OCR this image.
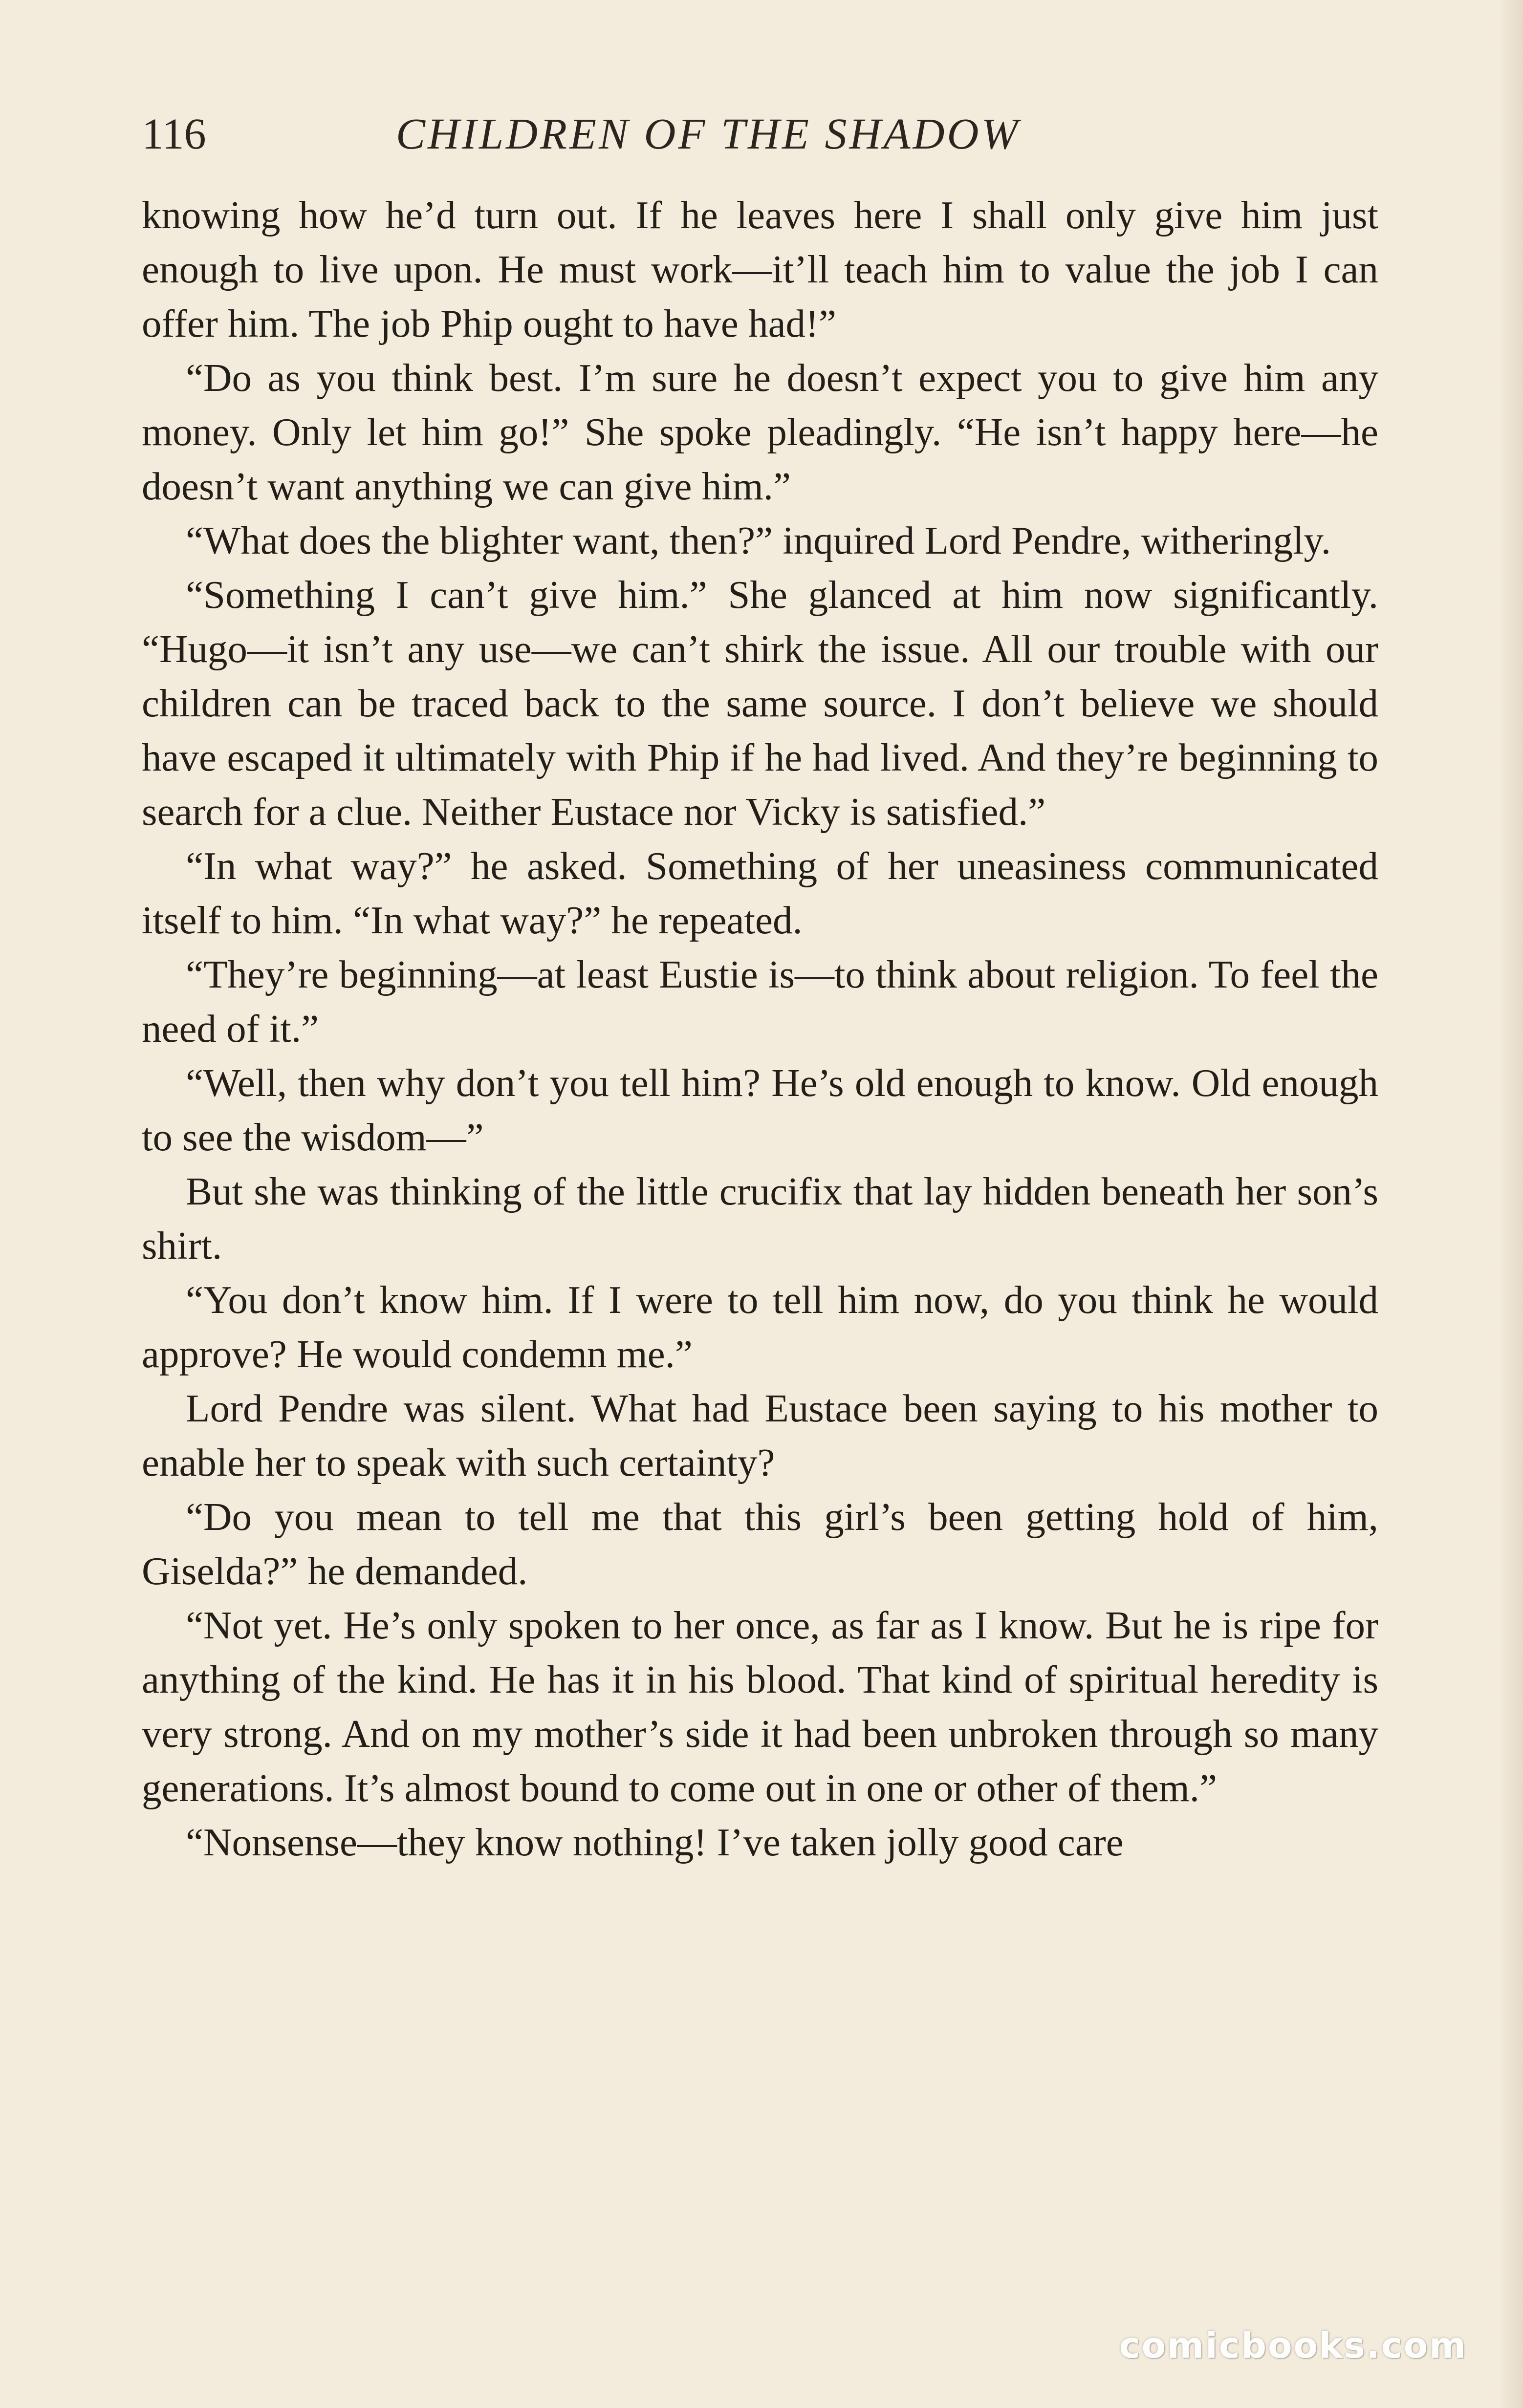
116	CHILDREN OF THE SHADOW

knowing how he’d turn out. If he leaves here I shall only give him just enough to live upon. He must work—it’ll teach him to value the job I can offer him. The job Phip ought to have had!”

“Do as you think best. I’m sure he doesn’t expect you to give him any money. Only let him go!” She spoke pleadingly. “He isn’t happy here—he doesn’t want anything we can give him.”

“What does the blighter want, then?” inquired Lord Pendre, witheringly.

“Something I can’t give him.” She glanced at him now significantly. “Hugo—it isn’t any use—we can’t shirk the issue. All our trouble with our children can be traced back to the same source. I don’t believe we should have escaped it ultimately with Phip if he had lived. And they’re beginning to search for a clue. Neither Eustace nor Vicky is satisfied.”

“In what way?” he asked. Something of her uneasiness communicated itself to him. “In what way?” he repeated.

“They’re beginning—at least Eustie is—to think about religion. To feel the need of it.”

“Well, then why don’t you tell him? He’s old enough to know. Old enough to see the wisdom—”

But she was thinking of the little crucifix that lay hidden beneath her son’s shirt.

“You don’t know him. If I were to tell him now, do you think he would approve? He would condemn me.”

Lord Pendre was silent. What had Eustace been saying to his mother to enable her to speak with such certainty?

“Do you mean to tell me that this girl’s been getting hold of him, Giselda?” he demanded.

“Not yet. He’s only spoken to her once, as far as I know. But he is ripe for anything of the kind. He has it in his blood. That kind of spiritual heredity is very strong. And on my mother’s side it had been unbroken through so many generations. It’s almost bound to come out in one or other of them.”

“Nonsense—they know nothing! I’ve taken jolly good care

comicbooks.com
